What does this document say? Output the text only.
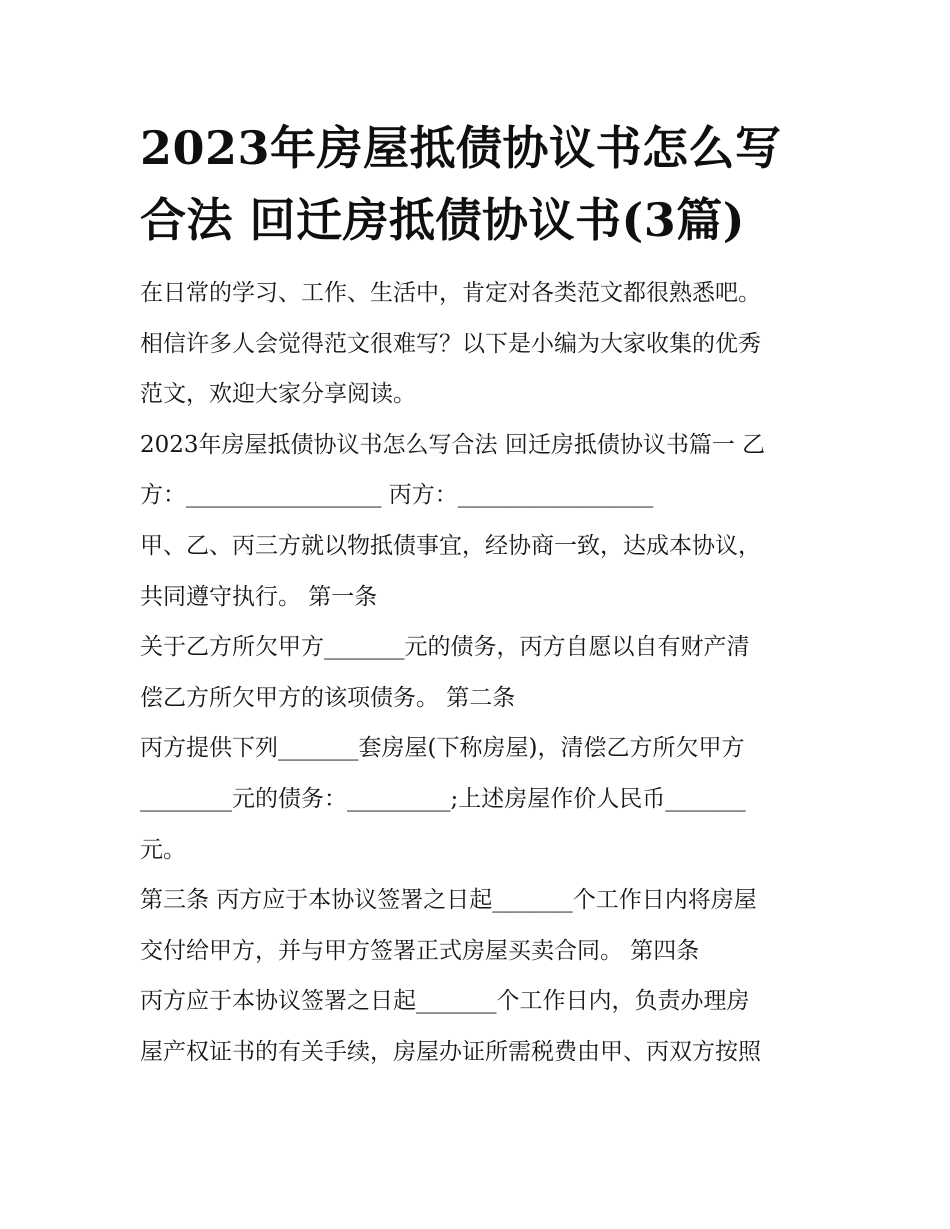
2023年房屋抵债协议书怎么写
合法 回迁房抵债协议书(3篇)

在日常的学习、工作、生活中，肯定对各类范文都很熟悉吧。
相信许多人会觉得范文很难写？以下是小编为大家收集的优秀
范文，欢迎大家分享阅读。

2023年房屋抵债协议书怎么写合法 回迁房抵债协议书篇一 乙
方：_________________ 丙方：_________________

甲、乙、丙三方就以物抵债事宜，经协商一致，达成本协议，
共同遵守执行。 第一条

关于乙方所欠甲方_______元的债务，丙方自愿以自有财产清
偿乙方所欠甲方的该项债务。 第二条

丙方提供下列_______套房屋(下称房屋)，清偿乙方所欠甲方
________元的债务：_________;上述房屋作价人民币_______
元。

第三条 丙方应于本协议签署之日起_______个工作日内将房屋
交付给甲方，并与甲方签署正式房屋买卖合同。 第四条

丙方应于本协议签署之日起_______个工作日内，负责办理房
屋产权证书的有关手续，房屋办证所需税费由甲、丙双方按照
